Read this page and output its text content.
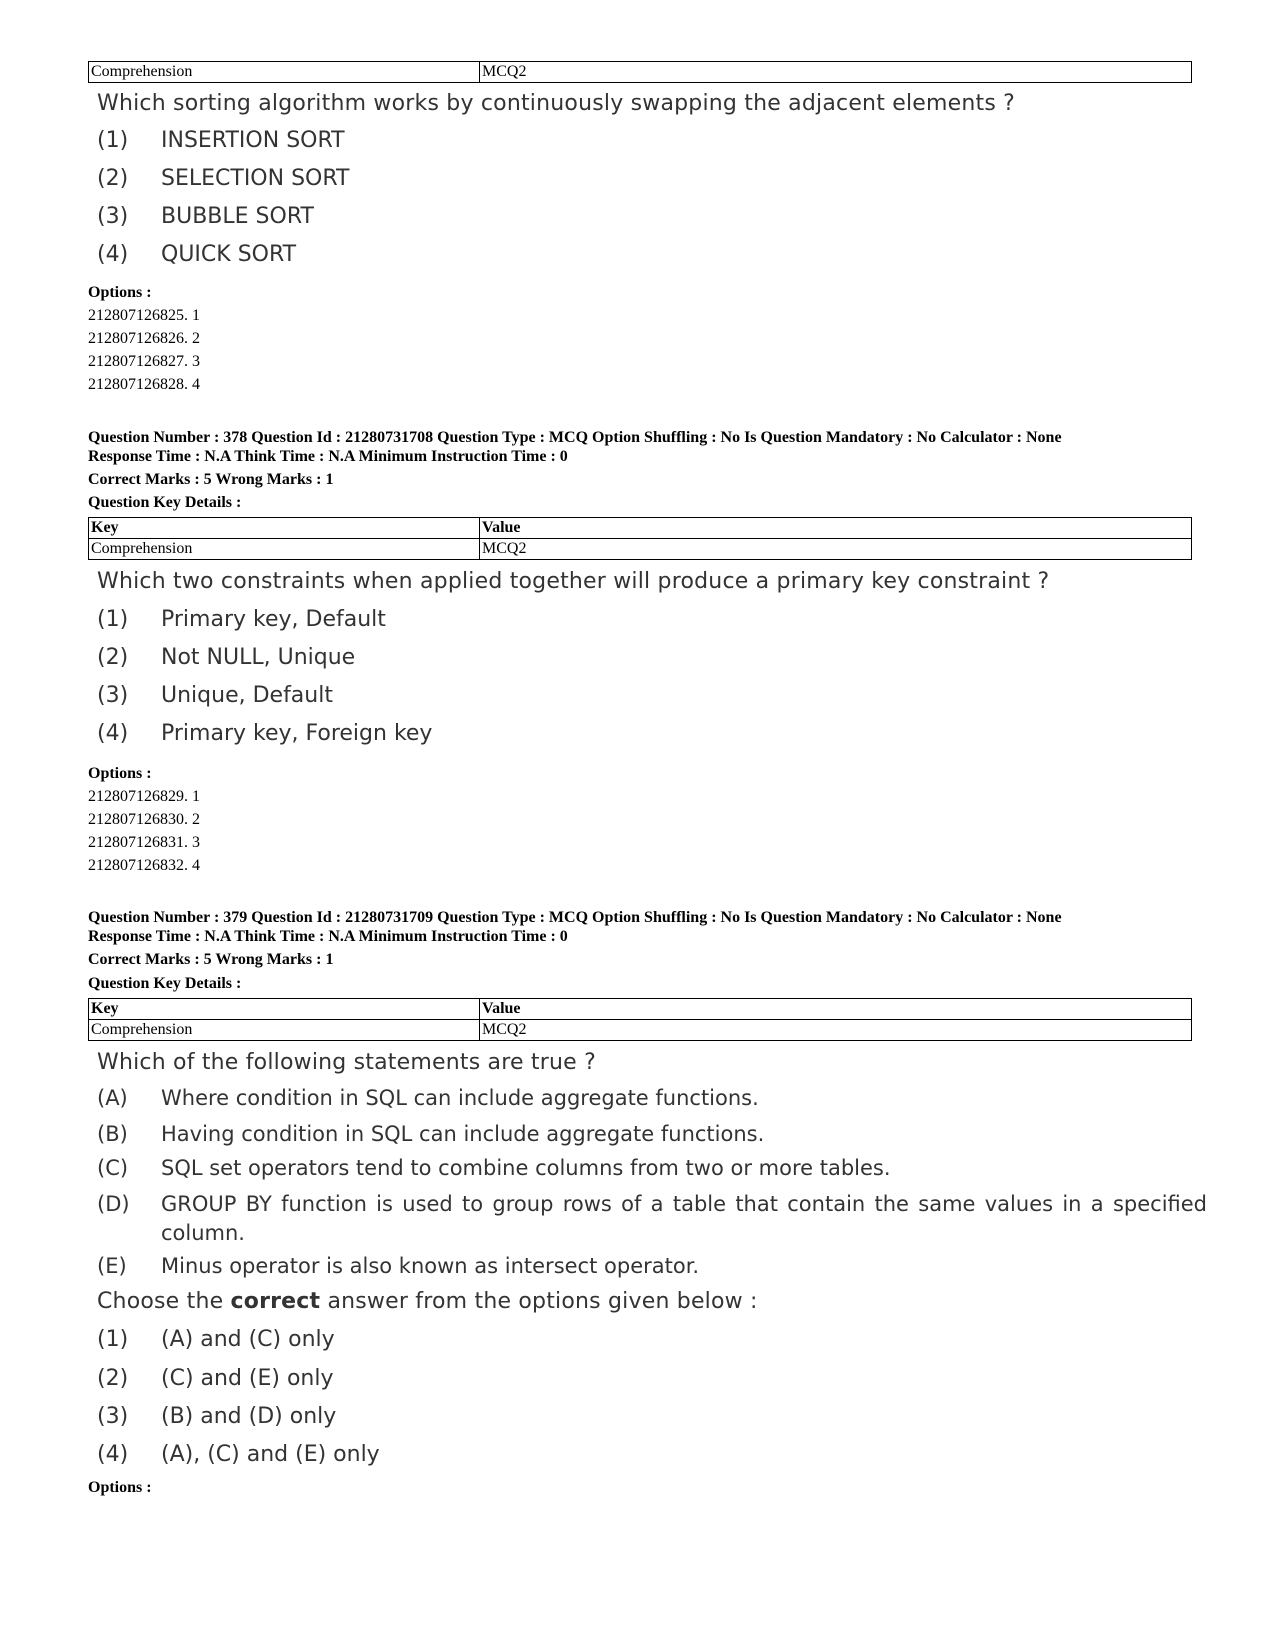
Comprehension	MCQ2
Which sorting algorithm works by continuously swapping the adjacent elements ?
(1) INSERTION SORT
(2) SELECTION SORT
(3) BUBBLE SORT
(4) QUICK SORT
Options :
212807126825. 1
212807126826. 2
212807126827. 3
212807126828. 4
Question Number : 378 Question Id : 21280731708 Question Type : MCQ Option Shuffling : No Is Question Mandatory : No Calculator : None
Response Time : N.A Think Time : N.A Minimum Instruction Time : 0
Correct Marks : 5 Wrong Marks : 1
Question Key Details :
Key	Value
Comprehension	MCQ2
Which two constraints when applied together will produce a primary key constraint ?
(1) Primary key, Default
(2) Not NULL, Unique
(3) Unique, Default
(4) Primary key, Foreign key
Options :
212807126829. 1
212807126830. 2
212807126831. 3
212807126832. 4
Question Number : 379 Question Id : 21280731709 Question Type : MCQ Option Shuffling : No Is Question Mandatory : No Calculator : None
Response Time : N.A Think Time : N.A Minimum Instruction Time : 0
Correct Marks : 5 Wrong Marks : 1
Question Key Details :
Key	Value
Comprehension	MCQ2
Which of the following statements are true ?
(A) Where condition in SQL can include aggregate functions.
(B) Having condition in SQL can include aggregate functions.
(C) SQL set operators tend to combine columns from two or more tables.
(D) GROUP BY function is used to group rows of a table that contain the same values in a specified column.
(E) Minus operator is also known as intersect operator.
Choose the correct answer from the options given below :
(1) (A) and (C) only
(2) (C) and (E) only
(3) (B) and (D) only
(4) (A), (C) and (E) only
Options :
